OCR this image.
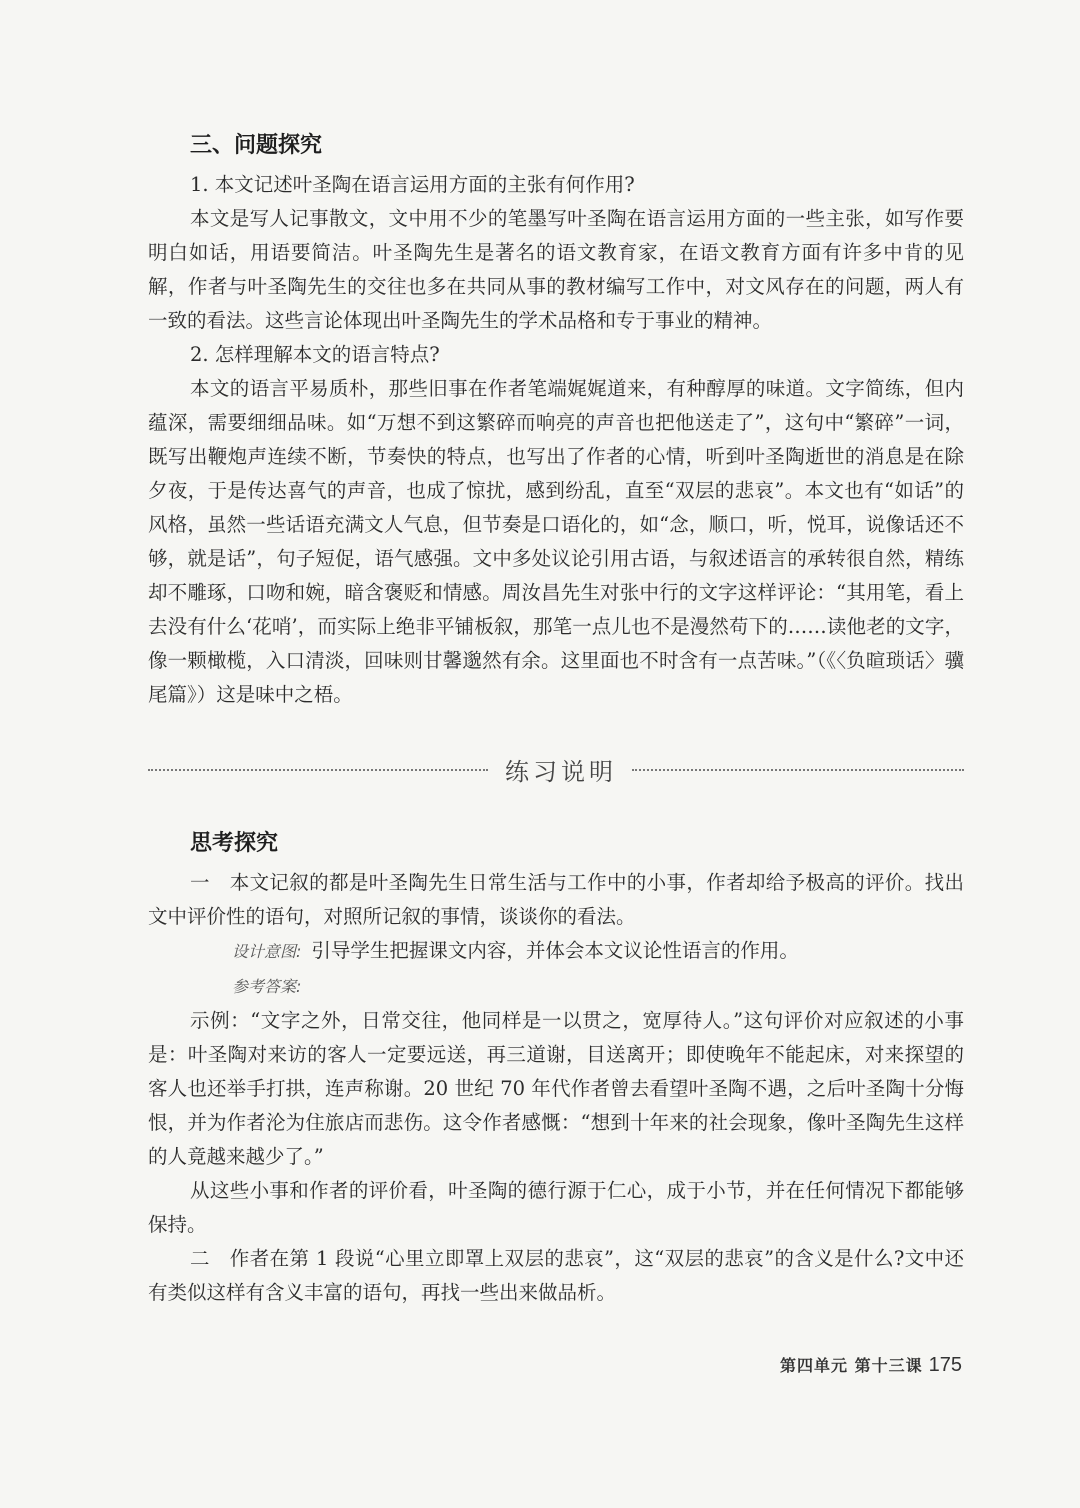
三、问题探究

1. 本文记述叶圣陶在语言运用方面的主张有何作用?

本文是写人记事散文，文中用不少的笔墨写叶圣陶在语言运用方面的一些主张，如写作要明白如话，用语要简洁。叶圣陶先生是著名的语文教育家，在语文教育方面有许多中肯的见解，作者与叶圣陶先生的交往也多在共同从事的教材编写工作中，对文风存在的问题，两人有一致的看法。这些言论体现出叶圣陶先生的学术品格和专于事业的精神。

2. 怎样理解本文的语言特点?

本文的语言平易质朴，那些旧事在作者笔端娓娓道来，有种醇厚的味道。文字简练，但内蕴深，需要细细品味。如“万想不到这繁碎而响亮的声音也把他送走了”，这句中“繁碎”一词，既写出鞭炮声连续不断，节奏快的特点，也写出了作者的心情，听到叶圣陶逝世的消息是在除夕夜，于是传达喜气的声音，也成了惊扰，感到纷乱，直至“双层的悲哀”。本文也有“如话”的风格，虽然一些话语充满文人气息，但节奏是口语化的，如“念，顺口，听，悦耳，说像话还不够，就是话”，句子短促，语气感强。文中多处议论引用古语，与叙述语言的承转很自然，精练却不雕琢，口吻和婉，暗含褒贬和情感。周汝昌先生对张中行的文字这样评论：“其用笔，看上去没有什么‘花哨’，而实际上绝非平铺板叙，那笔一点儿也不是漫然苟下的……读他老的文字，像一颗橄榄，入口清淡，回味则甘馨邈然有余。这里面也不时含有一点苦味。”（《〈负暄琐话〉骥尾篇》）这是味中之梧。

练习说明
思考探究

一　本文记叙的都是叶圣陶先生日常生活与工作中的小事，作者却给予极高的评价。找出文中评价性的语句，对照所记叙的事情，谈谈你的看法。

设计意图: 引导学生把握课文内容，并体会本文议论性语言的作用。

参考答案:

示例：“文字之外，日常交往，他同样是一以贯之，宽厚待人。”这句评价对应叙述的小事是：叶圣陶对来访的客人一定要远送，再三道谢，目送离开；即使晚年不能起床，对来探望的客人也还举手打拱，连声称谢。20 世纪 70 年代作者曾去看望叶圣陶不遇，之后叶圣陶十分悔恨，并为作者沦为住旅店而悲伤。这令作者感慨：“想到十年来的社会现象，像叶圣陶先生这样的人竟越来越少了。”

从这些小事和作者的评价看，叶圣陶的德行源于仁心，成于小节，并在任何情况下都能够保持。

二　作者在第 1 段说“心里立即罩上双层的悲哀”，这“双层的悲哀”的含义是什么?文中还有类似这样有含义丰富的语句，再找一些出来做品析。

第四单元 第十三课 175
